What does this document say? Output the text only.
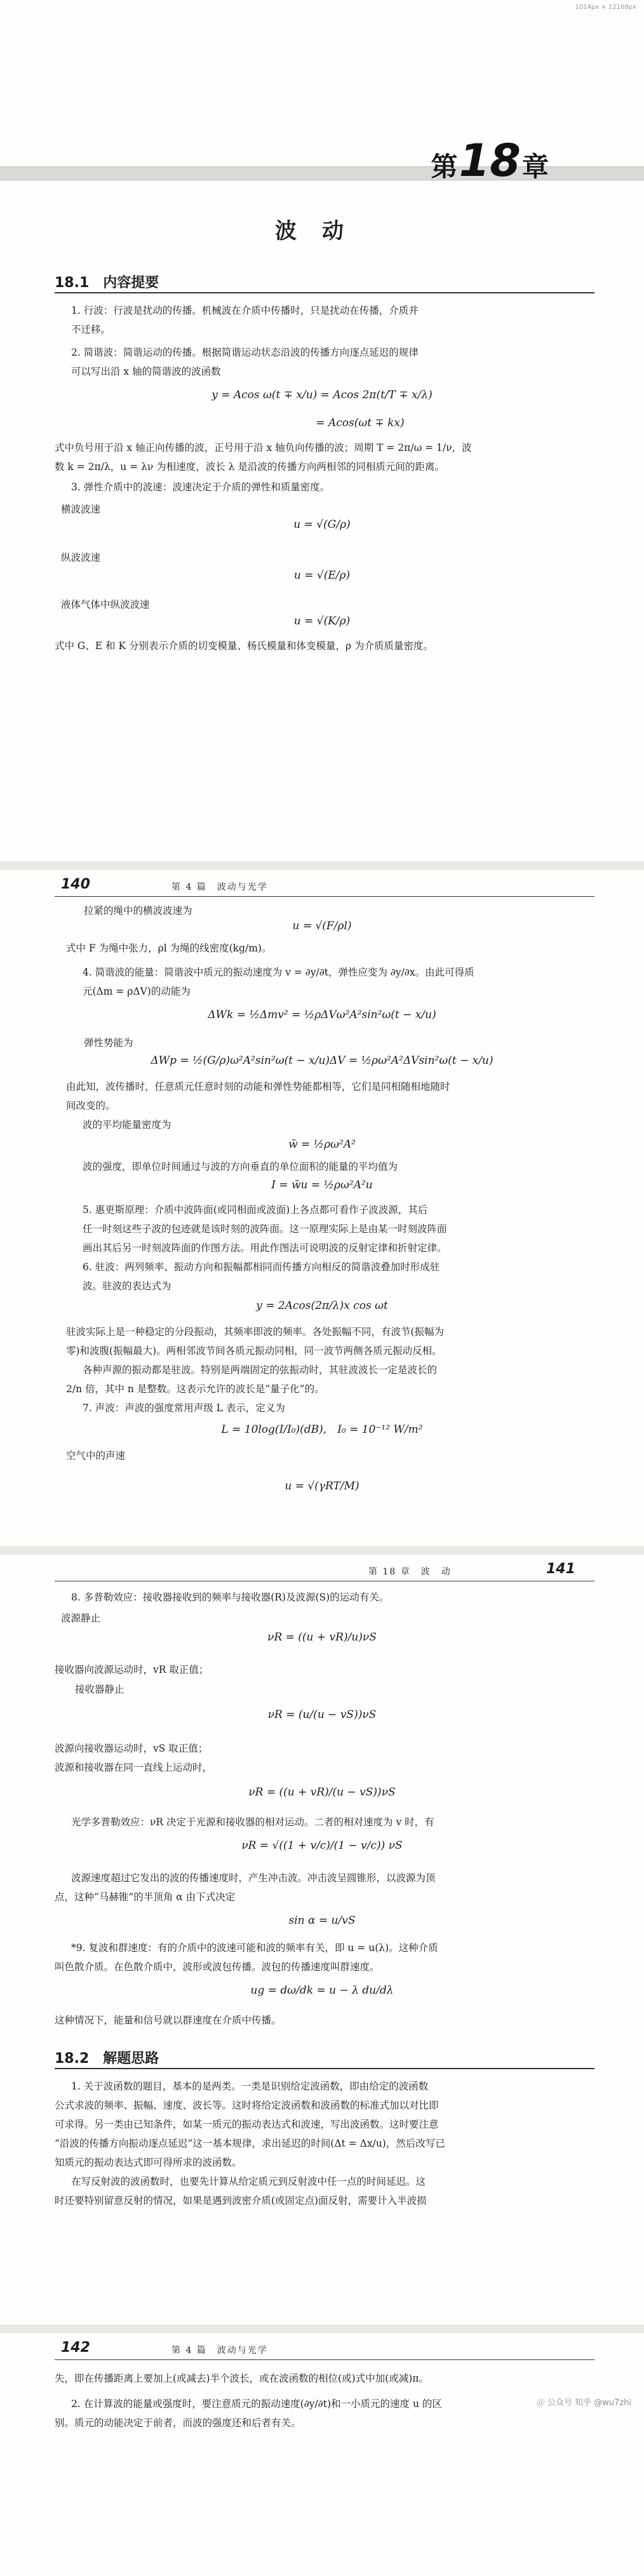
1014px × 12168px
第18章
波动
18.1　内容提要
1. 行波：行波是扰动的传播。机械波在介质中传播时，只是扰动在传播，介质并
不迁移。
2. 简谐波：简谐运动的传播。根据简谐运动状态沿波的传播方向逐点延迟的规律
可以写出沿 x 轴的简谐波的波函数
y = Acos ω(t ∓ x/u) = Acos 2π(t/T ∓ x/λ)
= Acos(ωt ∓ kx)
式中负号用于沿 x 轴正向传播的波，正号用于沿 x 轴负向传播的波；周期 T = 2π/ω = 1/ν，波
数 k = 2π/λ，u = λν 为相速度，波长 λ 是沿波的传播方向两相邻的同相质元间的距离。
3. 弹性介质中的波速：波速决定于介质的弹性和质量密度。
横波波速
u = √(G/ρ)
纵波波速
u = √(E/ρ)
液体气体中纵波波速
u = √(K/ρ)
式中 G、E 和 K 分别表示介质的切变模量、杨氏模量和体变模量，ρ 为介质质量密度。
140	第 4 篇　波动与光学
拉紧的绳中的横波波速为
u = √(F/ρl)
式中 F 为绳中张力，ρl 为绳的线密度(kg/m)。
4. 简谐波的能量：简谐波中质元的振动速度为 v = ∂y/∂t，弹性应变为 ∂y/∂x。由此可得质
元(Δm = ρΔV)的动能为
ΔWk = ½Δmv² = ½ρΔVω²A²sin²ω(t − x/u)
弹性势能为
ΔWp = ½(G/ρ)ω²A²sin²ω(t − x/u)ΔV = ½ρω²A²ΔVsin²ω(t − x/u)
由此知，波传播时，任意质元任意时刻的动能和弹性势能都相等，它们是同相随相地随时
间改变的。
波的平均能量密度为
w̄ = ½ρω²A²
波的强度，即单位时间通过与波的方向垂直的单位面积的能量的平均值为
I = w̄u = ½ρω²A²u
5. 惠更斯原理：介质中波阵面(或同相面或波面)上各点都可看作子波波源，其后
任一时刻这些子波的包迹就是该时刻的波阵面。这一原理实际上是由某一时刻波阵面
画出其后另一时刻波阵面的作图方法。用此作图法可说明波的反射定律和折射定律。
6. 驻波：两列频率、振动方向和振幅都相同而传播方向相反的简谐波叠加时形成驻
波。驻波的表达式为
y = 2Acos(2π/λ)x cos ωt
驻波实际上是一种稳定的分段振动，其频率即波的频率。各处振幅不同，有波节(振幅为
零)和波腹(振幅最大)。两相邻波节间各质元振动同相，同一波节两侧各质元振动反相。
各种声源的振动都是驻波。特别是两端固定的弦振动时，其驻波波长一定是波长的
2/n 倍，其中 n 是整数。这表示允许的波长是“量子化”的。
7. 声波：声波的强度常用声级 L 表示，定义为
L = 10log(I/I₀)(dB),　I₀ = 10⁻¹² W/m²
空气中的声速
u = √(γRT/M)
第 18 章　波　动	141
8. 多普勒效应：接收器接收到的频率与接收器(R)及波源(S)的运动有关。
波源静止
νR = ((u + vR)/u)νS
接收器向波源运动时，vR 取正值；
接收器静止
νR = (u/(u − vS))νS
波源向接收器运动时，vS 取正值；
波源和接收器在同一直线上运动时，
νR = ((u + vR)/(u − vS))νS
光学多普勒效应：νR 决定于光源和接收器的相对运动。二者的相对速度为 v 时，有
νR = √((1 + v/c)/(1 − v/c)) νS
波源速度超过它发出的波的传播速度时，产生冲击波。冲击波呈圆锥形，以波源为顶
点，这种“马赫锥”的半顶角 α 由下式决定
sin α = u/vS
*9. 复波和群速度：有的介质中的波速可能和波的频率有关，即 u = u(λ)。这种介质
叫色散介质。在色散介质中，波形或波包传播。波包的传播速度叫群速度。
ug = dω/dk = u − λ du/dλ
这种情况下，能量和信号就以群速度在介质中传播。
18.2　解题思路
1. 关于波函数的题目，基本的是两类。一类是识别给定波函数，即由给定的波函数
公式求波的频率、振幅、速度、波长等。这时将给定波函数和波函数的标准式加以对比即
可求得。另一类由已知条件，如某一质元的振动表达式和波速，写出波函数。这时要注意
“沿波的传播方向振动逐点延迟”这一基本规律，求出延迟的时间(Δt = Δx/u)，然后改写已
知质元的振动表达式即可得所求的波函数。
在写反射波的波函数时，也要先计算从给定质元到反射波中任一点的时间延迟。这
时还要特别留意反射的情况，如果是遇到波密介质(或固定点)面反射，需要计入半波损
142	第 4 篇　波动与光学
失，即在传播距离上要加上(或减去)半个波长，或在波函数的相位(或)式中加(或减)π。
2. 在计算波的能量或强度时，要注意质元的振动速度(∂y/∂t)和一小质元的速度 u 的区
别。质元的动能决定于前者，而波的强度还和后者有关。
＠ 公众号 知乎 @wu7zhi
